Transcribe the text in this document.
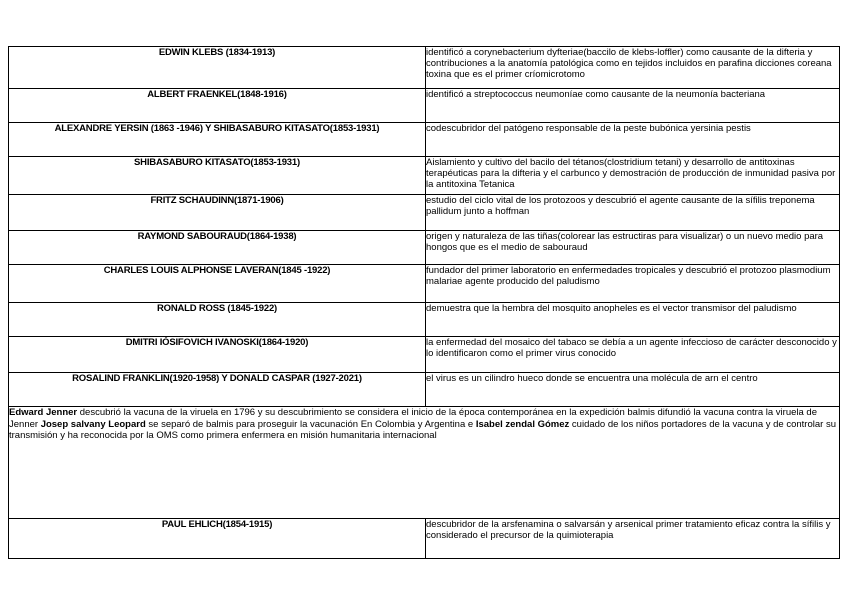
EDWIN KLEBS (1834-1913)	identificó a corynebacterium dyfteriae(baccilo de klebs-loffler) como causante de la difteria y contribuciones a la anatomía patológica como en tejidos incluidos en parafina dicciones coreana toxina que es el primer críomicrotomo
ALBERT FRAENKEL(1848-1916)	identificó a streptococcus neumoníae como causante de la neumonía bacteriana
ALEXANDRE YERSIN (1863 -1946) Y SHIBASABURO KITASATO(1853-1931)	codescubridor del patógeno responsable de la peste bubónica yersinia pestis
SHIBASABURO KITASATO(1853-1931)	Aislamiento y cultivo del bacilo del tétanos(clostridium tetani) y desarrollo de antitoxinas terapéuticas para la difteria y el carbunco y demostración de producción de inmunidad pasiva por la antitoxina Tetanica
FRITZ SCHAUDINN(1871-1906)	estudio del ciclo vital de los protozoos y descubrió el agente causante de la sífilis treponema pallidum junto a hoffman
RAYMOND SABOURAUD(1864-1938)	origen y naturaleza de las tiñas(colorear las estructiras para visualizar) o un nuevo medio para hongos que es el medio de sabouraud
CHARLES LOUIS ALPHONSE LAVERAN(1845 -1922)	fundador del primer laboratorio en enfermedades tropicales y descubrió el protozoo plasmodium malariae agente producido del paludismo
RONALD ROSS (1845-1922)	demuestra que la hembra del mosquito anopheles es el vector transmisor del paludismo
DMITRI IÓSIFOVICH IVANOSKI(1864-1920)	la enfermedad del mosaico del tabaco se debía a un agente infeccioso de carácter desconocido y lo identificaron como el primer virus conocido
ROSALIND FRANKLIN(1920-1958) Y DONALD CASPAR (1927-2021)	el virus es un cilindro hueco donde se encuentra una molécula de arn el centro
Edward Jenner descubrió la vacuna de la viruela en 1796 y su descubrimiento se considera el inicio de la época contemporánea en la expedición balmis difundió la vacuna contra la viruela de Jenner Josep salvany Leopard se separó de balmis para proseguir la vacunación En Colombia y Argentina e Isabel zendal Gómez cuidado de los niños portadores de la vacuna y de controlar su transmisión y ha reconocida por la OMS como primera enfermera en misión humanitaria internacional	
PAUL EHLICH(1854-1915)	descubridor de la arsfenamina o salvarsán y arsenical primer tratamiento eficaz contra la sífilis y considerado el precursor de la quimioterapia
